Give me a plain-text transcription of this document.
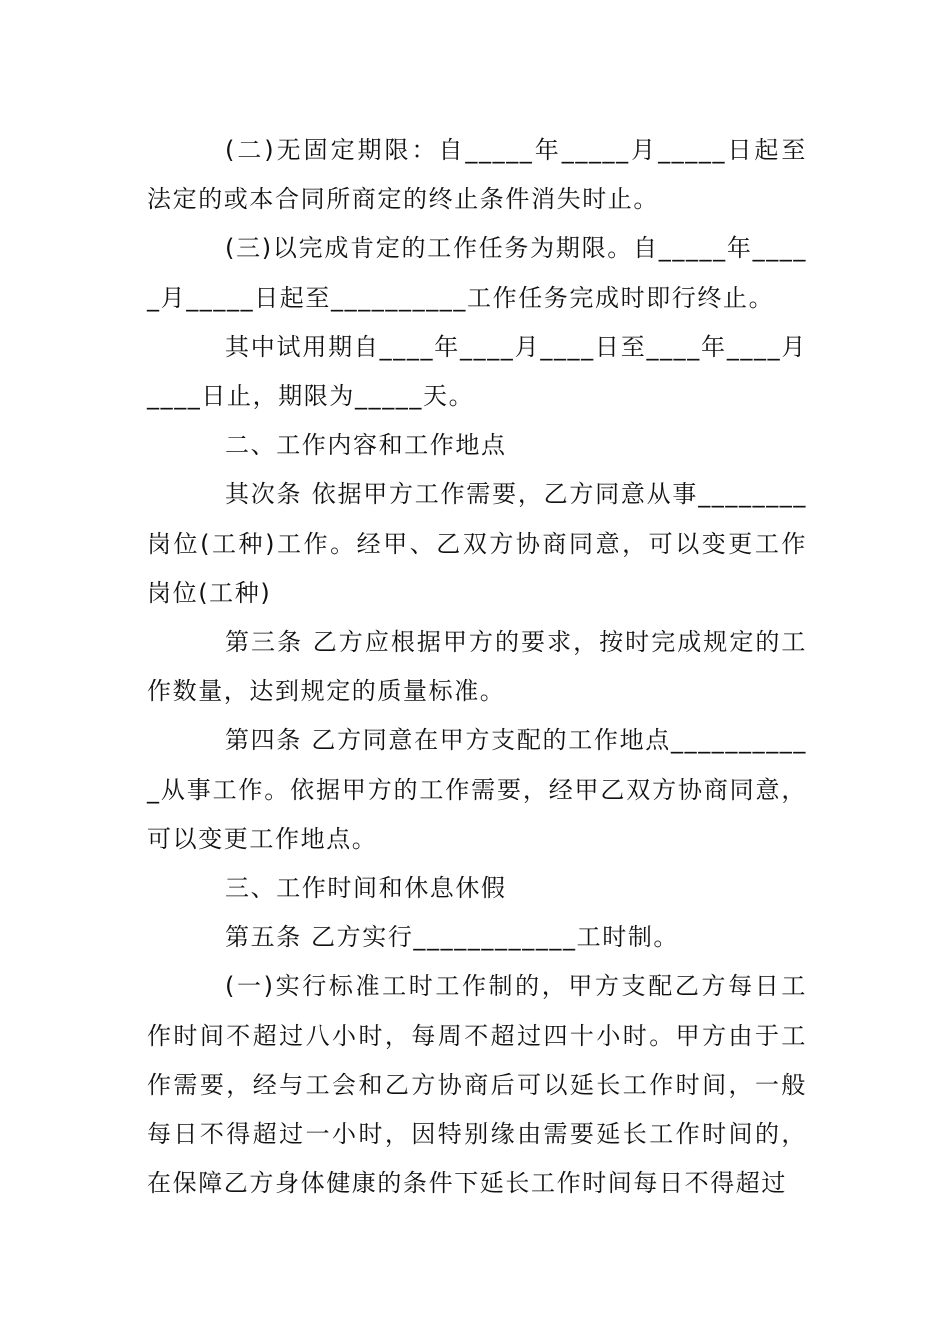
(二)无固定期限：自_____年_____月_____日起至法定的或本合同所商定的终止条件消失时止。

(三)以完成肯定的工作任务为期限。自_____年_____月_____日起至__________工作任务完成时即行终止。

其中试用期自____年____月____日至____年____月____日止，期限为_____天。

二、工作内容和工作地点

其次条 依据甲方工作需要，乙方同意从事________岗位(工种)工作。经甲、乙双方协商同意，可以变更工作岗位(工种)

第三条 乙方应根据甲方的要求，按时完成规定的工作数量，达到规定的质量标准。

第四条 乙方同意在甲方支配的工作地点___________从事工作。依据甲方的工作需要，经甲乙双方协商同意，可以变更工作地点。

三、工作时间和休息休假

第五条 乙方实行____________工时制。

(一)实行标准工时工作制的，甲方支配乙方每日工作时间不超过八小时，每周不超过四十小时。甲方由于工作需要，经与工会和乙方协商后可以延长工作时间，一般每日不得超过一小时，因特别缘由需要延长工作时间的，在保障乙方身体健康的条件下延长工作时间每日不得超过
